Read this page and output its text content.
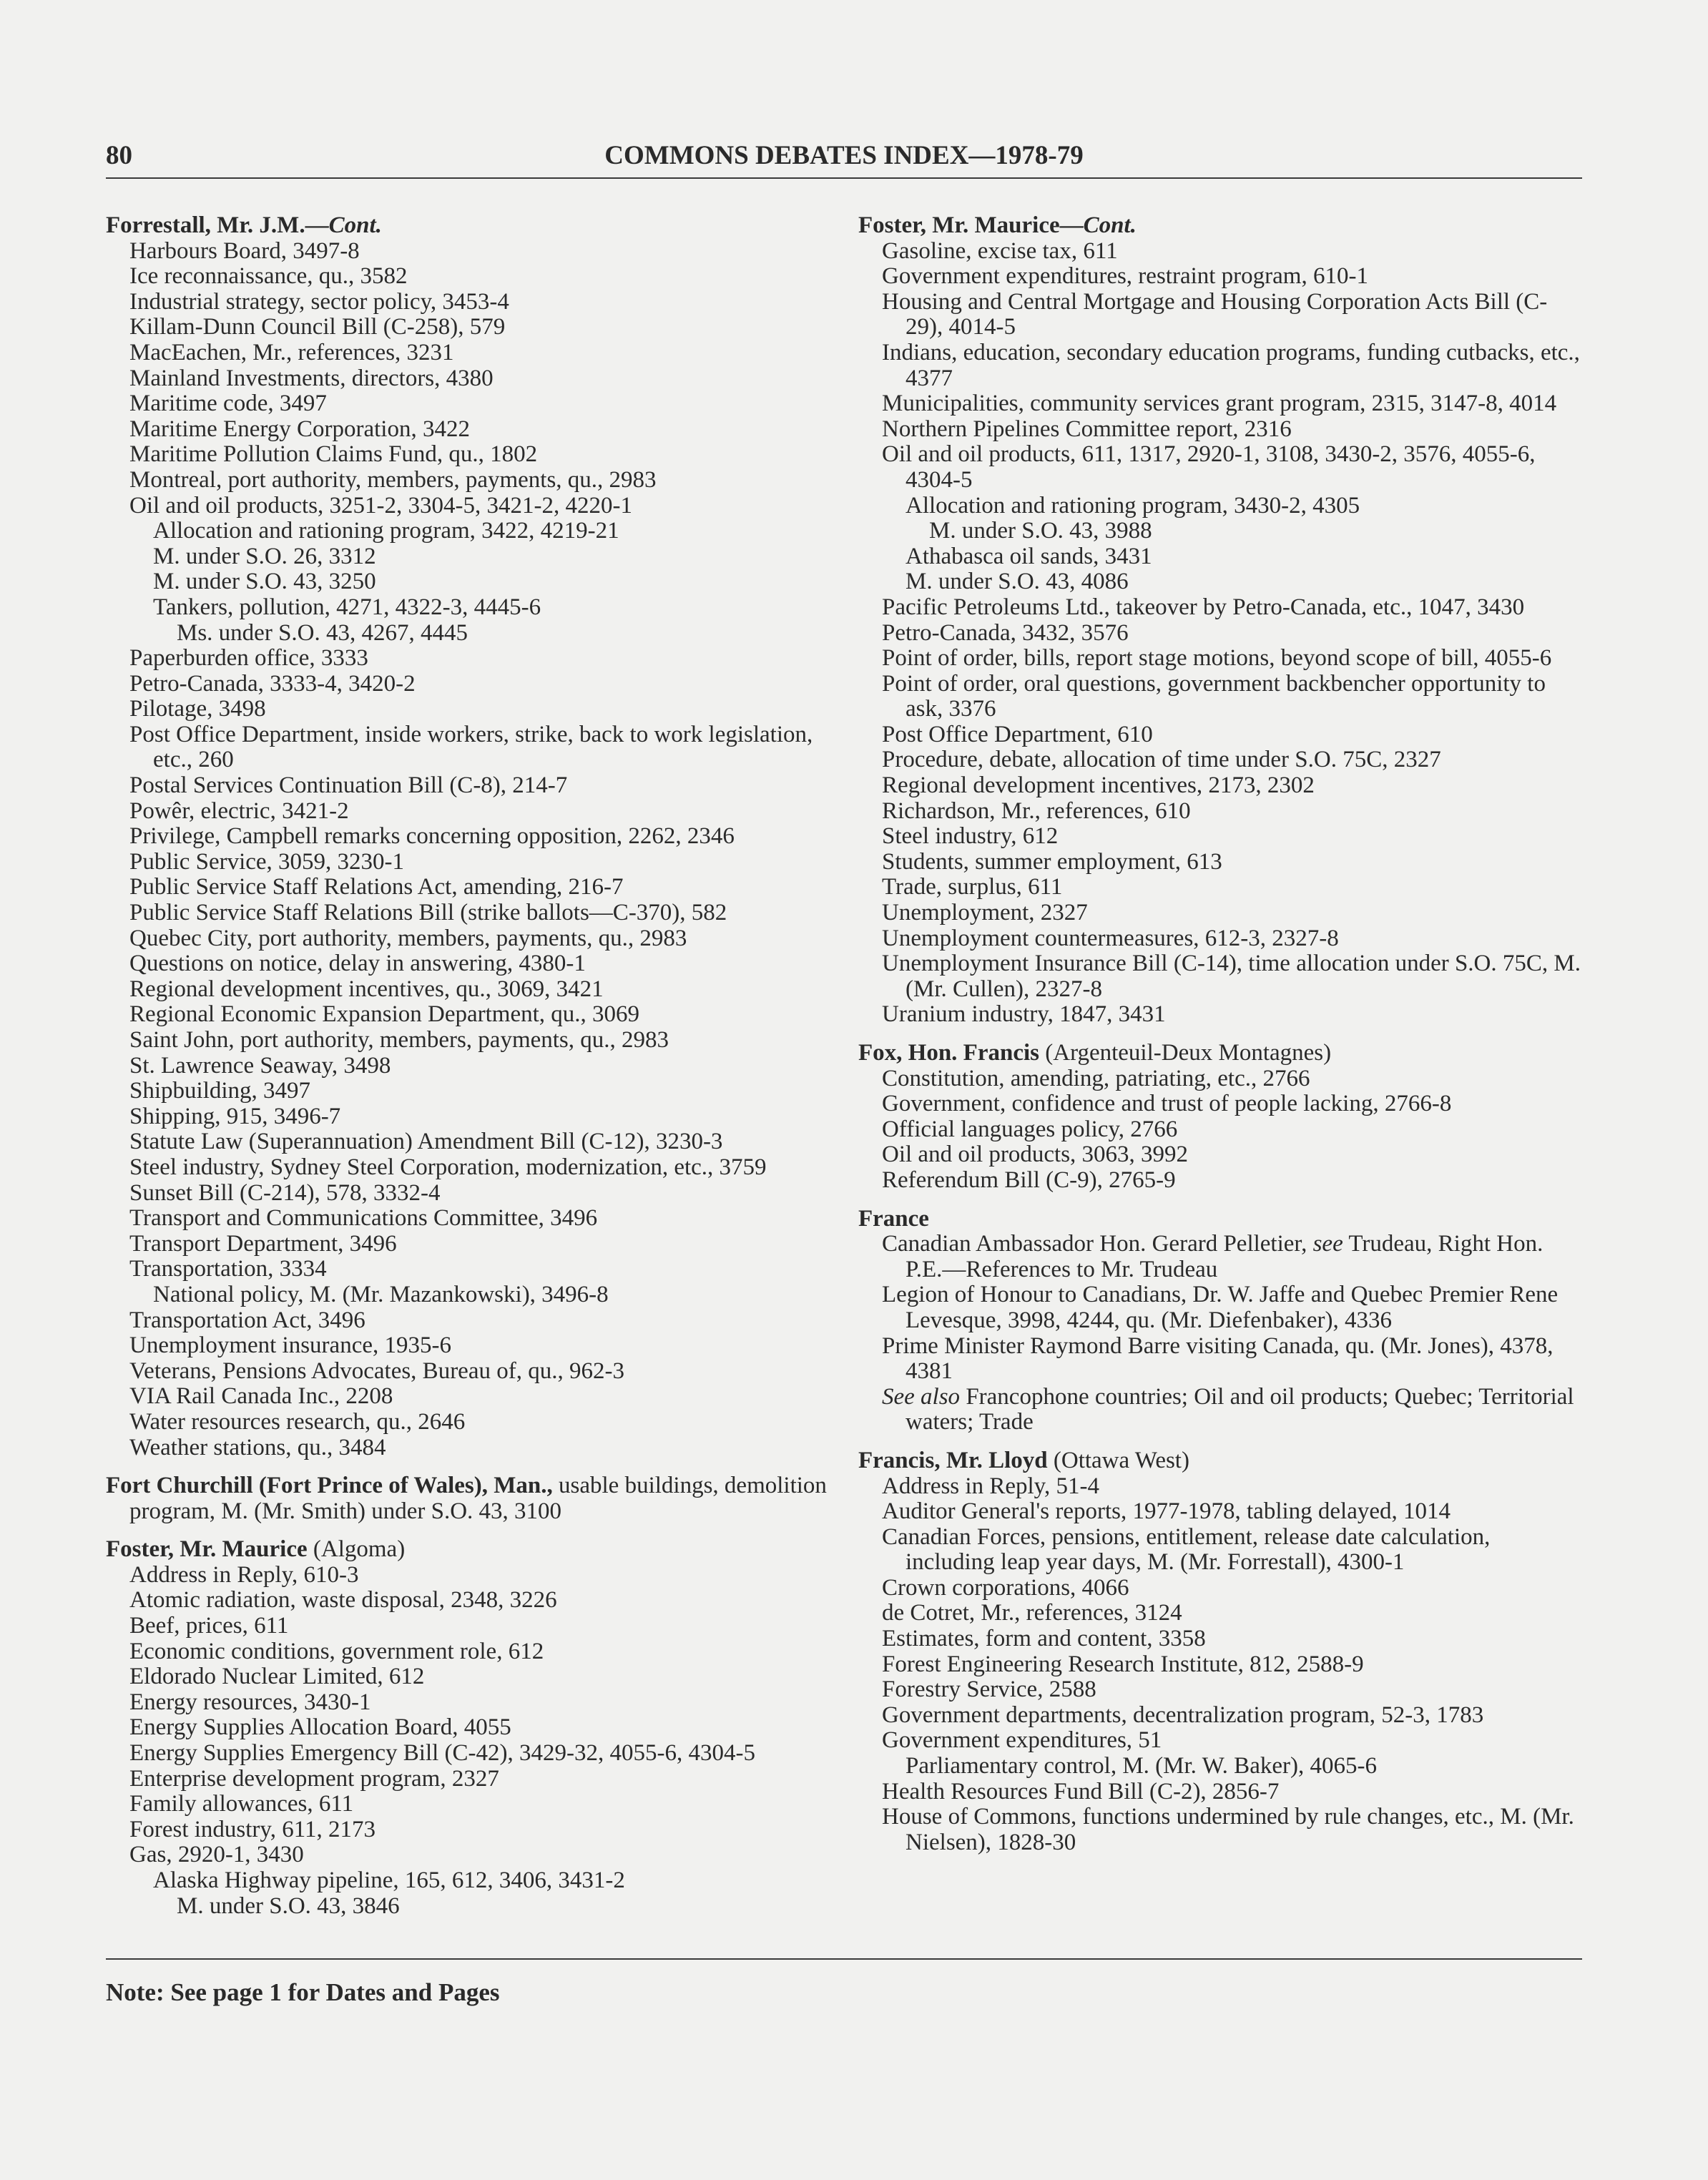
80	COMMONS DEBATES INDEX—1978-79
Forrestall, Mr. J.M.—Cont.
Harbours Board, 3497-8
Ice reconnaissance, qu., 3582
Industrial strategy, sector policy, 3453-4
Killam-Dunn Council Bill (C-258), 579
MacEachen, Mr., references, 3231
Mainland Investments, directors, 4380
Maritime code, 3497
Maritime Energy Corporation, 3422
Maritime Pollution Claims Fund, qu., 1802
Montreal, port authority, members, payments, qu., 2983
Oil and oil products, 3251-2, 3304-5, 3421-2, 4220-1
Allocation and rationing program, 3422, 4219-21
M. under S.O. 26, 3312
M. under S.O. 43, 3250
Tankers, pollution, 4271, 4322-3, 4445-6
Ms. under S.O. 43, 4267, 4445
Paperburden office, 3333
Petro-Canada, 3333-4, 3420-2
Pilotage, 3498
Post Office Department, inside workers, strike, back to work legislation, etc., 260
Postal Services Continuation Bill (C-8), 214-7
Powêr, electric, 3421-2
Privilege, Campbell remarks concerning opposition, 2262, 2346
Public Service, 3059, 3230-1
Public Service Staff Relations Act, amending, 216-7
Public Service Staff Relations Bill (strike ballots—C-370), 582
Quebec City, port authority, members, payments, qu., 2983
Questions on notice, delay in answering, 4380-1
Regional development incentives, qu., 3069, 3421
Regional Economic Expansion Department, qu., 3069
Saint John, port authority, members, payments, qu., 2983
St. Lawrence Seaway, 3498
Shipbuilding, 3497
Shipping, 915, 3496-7
Statute Law (Superannuation) Amendment Bill (C-12), 3230-3
Steel industry, Sydney Steel Corporation, modernization, etc., 3759
Sunset Bill (C-214), 578, 3332-4
Transport and Communications Committee, 3496
Transport Department, 3496
Transportation, 3334
National policy, M. (Mr. Mazankowski), 3496-8
Transportation Act, 3496
Unemployment insurance, 1935-6
Veterans, Pensions Advocates, Bureau of, qu., 962-3
VIA Rail Canada Inc., 2208
Water resources research, qu., 2646
Weather stations, qu., 3484
Fort Churchill (Fort Prince of Wales), Man., usable buildings, demolition program, M. (Mr. Smith) under S.O. 43, 3100
Foster, Mr. Maurice (Algoma)
Address in Reply, 610-3
Atomic radiation, waste disposal, 2348, 3226
Beef, prices, 611
Economic conditions, government role, 612
Eldorado Nuclear Limited, 612
Energy resources, 3430-1
Energy Supplies Allocation Board, 4055
Energy Supplies Emergency Bill (C-42), 3429-32, 4055-6, 4304-5
Enterprise development program, 2327
Family allowances, 611
Forest industry, 611, 2173
Gas, 2920-1, 3430
Alaska Highway pipeline, 165, 612, 3406, 3431-2
M. under S.O. 43, 3846
Foster, Mr. Maurice—Cont.
Gasoline, excise tax, 611
Government expenditures, restraint program, 610-1
Housing and Central Mortgage and Housing Corporation Acts Bill (C-29), 4014-5
Indians, education, secondary education programs, funding cutbacks, etc., 4377
Municipalities, community services grant program, 2315, 3147-8, 4014
Northern Pipelines Committee report, 2316
Oil and oil products, 611, 1317, 2920-1, 3108, 3430-2, 3576, 4055-6, 4304-5
Allocation and rationing program, 3430-2, 4305
M. under S.O. 43, 3988
Athabasca oil sands, 3431
M. under S.O. 43, 4086
Pacific Petroleums Ltd., takeover by Petro-Canada, etc., 1047, 3430
Petro-Canada, 3432, 3576
Point of order, bills, report stage motions, beyond scope of bill, 4055-6
Point of order, oral questions, government backbencher opportunity to ask, 3376
Post Office Department, 610
Procedure, debate, allocation of time under S.O. 75C, 2327
Regional development incentives, 2173, 2302
Richardson, Mr., references, 610
Steel industry, 612
Students, summer employment, 613
Trade, surplus, 611
Unemployment, 2327
Unemployment countermeasures, 612-3, 2327-8
Unemployment Insurance Bill (C-14), time allocation under S.O. 75C, M. (Mr. Cullen), 2327-8
Uranium industry, 1847, 3431
Fox, Hon. Francis (Argenteuil-Deux Montagnes)
Constitution, amending, patriating, etc., 2766
Government, confidence and trust of people lacking, 2766-8
Official languages policy, 2766
Oil and oil products, 3063, 3992
Referendum Bill (C-9), 2765-9
France
Canadian Ambassador Hon. Gerard Pelletier, see Trudeau, Right Hon. P.E.—References to Mr. Trudeau
Legion of Honour to Canadians, Dr. W. Jaffe and Quebec Premier Rene Levesque, 3998, 4244, qu. (Mr. Diefenbaker), 4336
Prime Minister Raymond Barre visiting Canada, qu. (Mr. Jones), 4378, 4381
See also Francophone countries; Oil and oil products; Quebec; Territorial waters; Trade
Francis, Mr. Lloyd (Ottawa West)
Address in Reply, 51-4
Auditor General's reports, 1977-1978, tabling delayed, 1014
Canadian Forces, pensions, entitlement, release date calculation, including leap year days, M. (Mr. Forrestall), 4300-1
Crown corporations, 4066
de Cotret, Mr., references, 3124
Estimates, form and content, 3358
Forest Engineering Research Institute, 812, 2588-9
Forestry Service, 2588
Government departments, decentralization program, 52-3, 1783
Government expenditures, 51
Parliamentary control, M. (Mr. W. Baker), 4065-6
Health Resources Fund Bill (C-2), 2856-7
House of Commons, functions undermined by rule changes, etc., M. (Mr. Nielsen), 1828-30
Note: See page 1 for Dates and Pages
